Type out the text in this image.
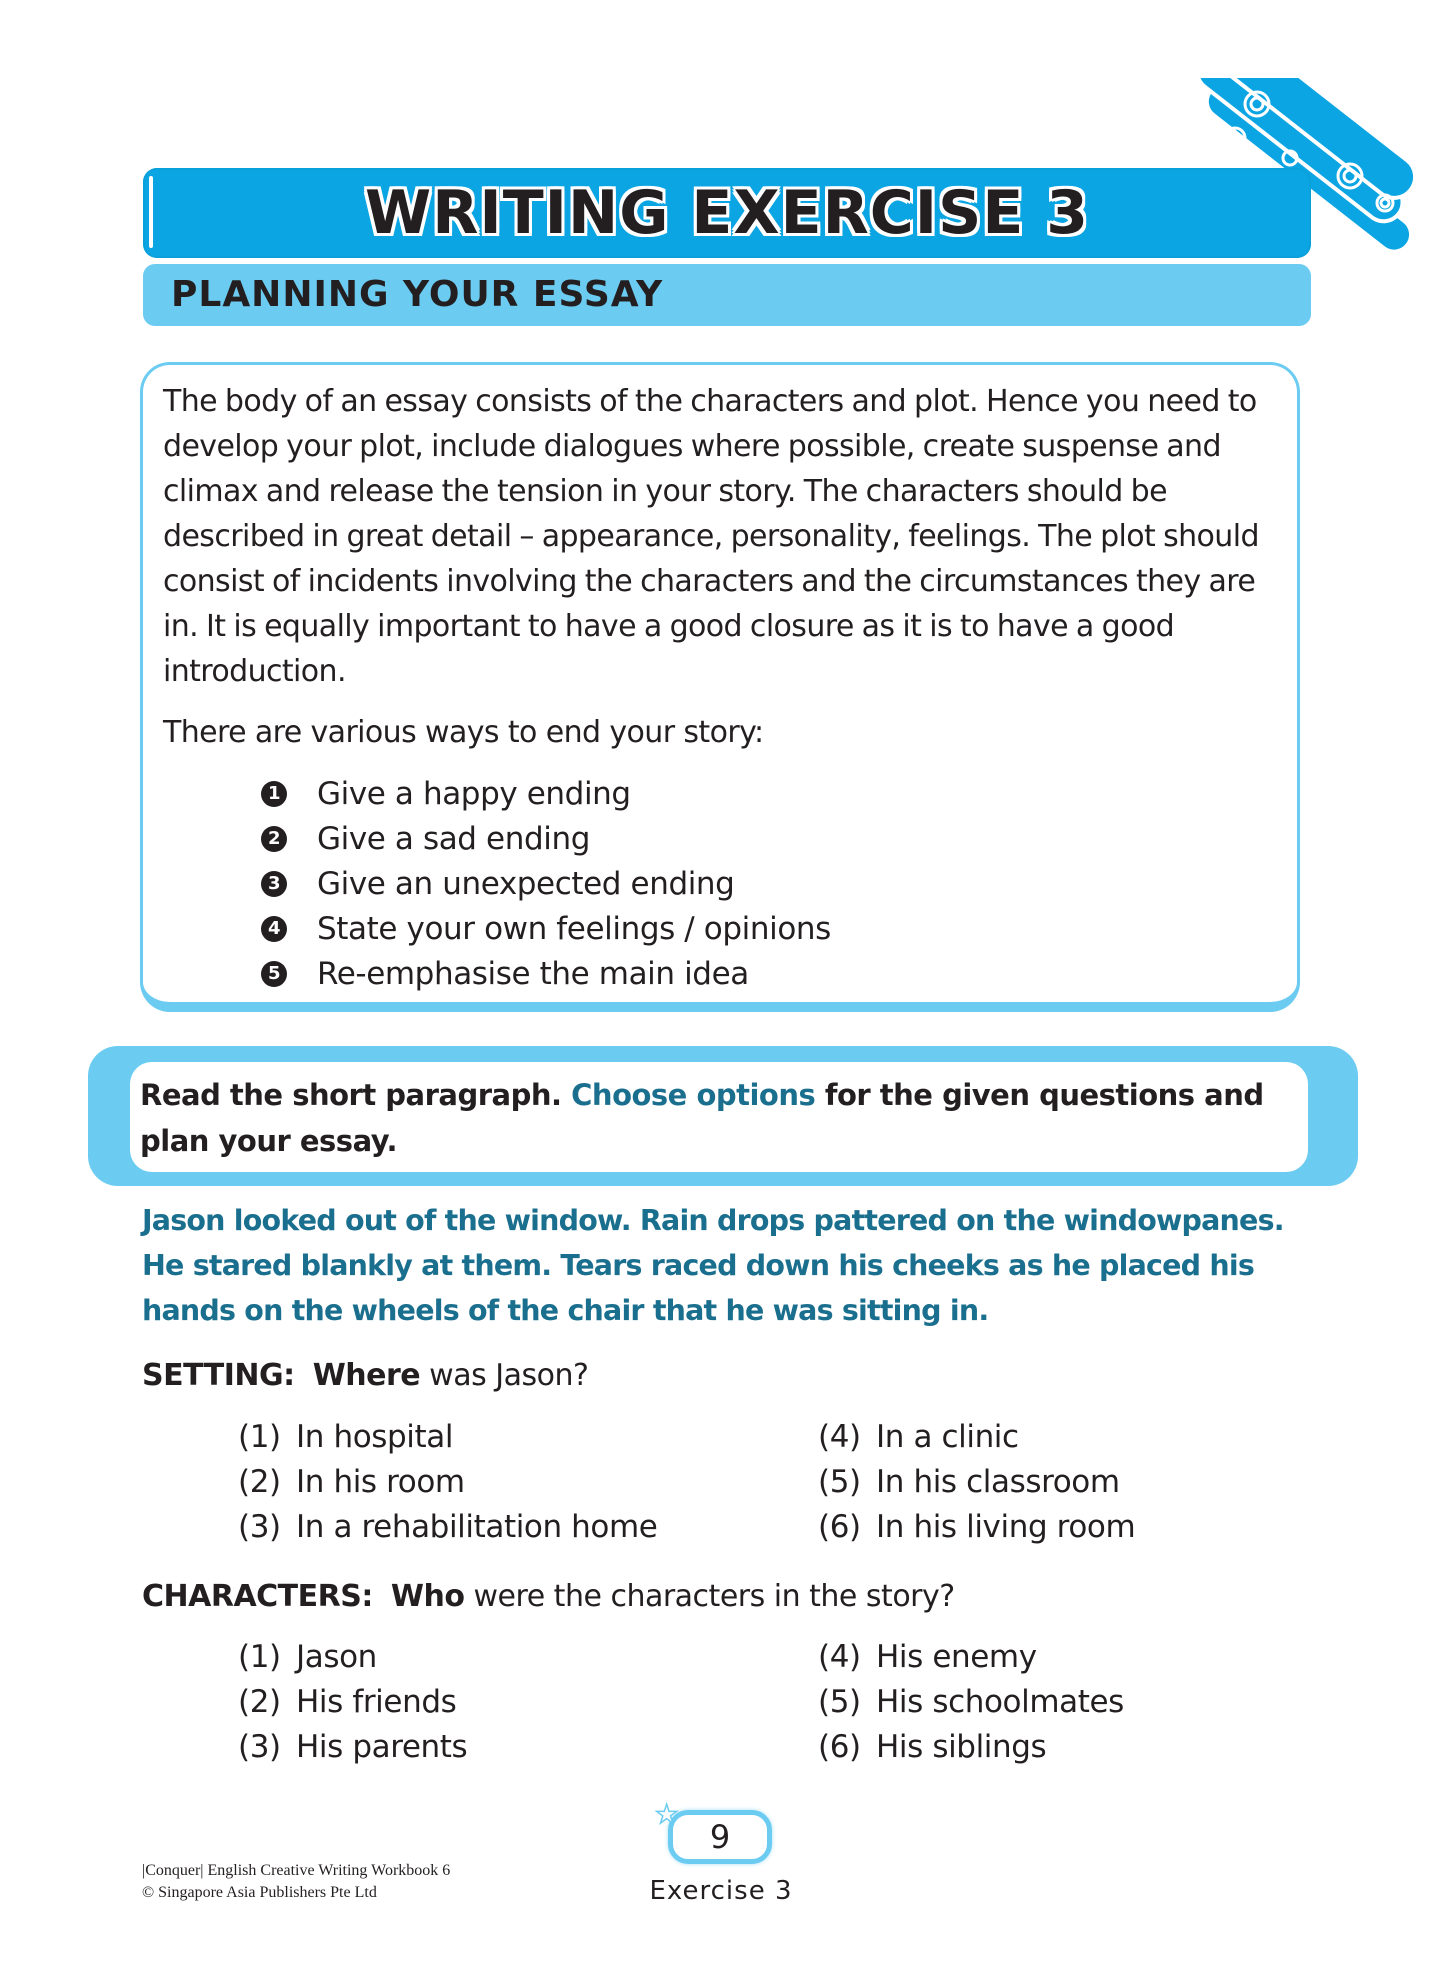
WRITING EXERCISE 3
PLANNING YOUR ESSAY
The body of an essay consists of the characters and plot. Hence you need to develop your plot, include dialogues where possible, create suspense and climax and release the tension in your story. The characters should be described in great detail – appearance, personality, feelings. The plot should consist of incidents involving the characters and the circumstances they are in. It is equally important to have a good closure as it is to have a good introduction.
There are various ways to end your story:
1 Give a happy ending
2 Give a sad ending
3 Give an unexpected ending
4 State your own feelings / opinions
5 Re-emphasise the main idea
Read the short paragraph. Choose options for the given questions and plan your essay.
Jason looked out of the window. Rain drops pattered on the windowpanes. He stared blankly at them. Tears raced down his cheeks as he placed his hands on the wheels of the chair that he was sitting in.
SETTING: Where was Jason?
(1) In hospital	(4) In a clinic
(2) In his room	(5) In his classroom
(3) In a rehabilitation home	(6) In his living room
CHARACTERS: Who were the characters in the story?
(1) Jason	(4) His enemy
(2) His friends	(5) His schoolmates
(3) His parents	(6) His siblings
|Conquer| English Creative Writing Workbook 6
© Singapore Asia Publishers Pte Ltd
9
★
Exercise 3
